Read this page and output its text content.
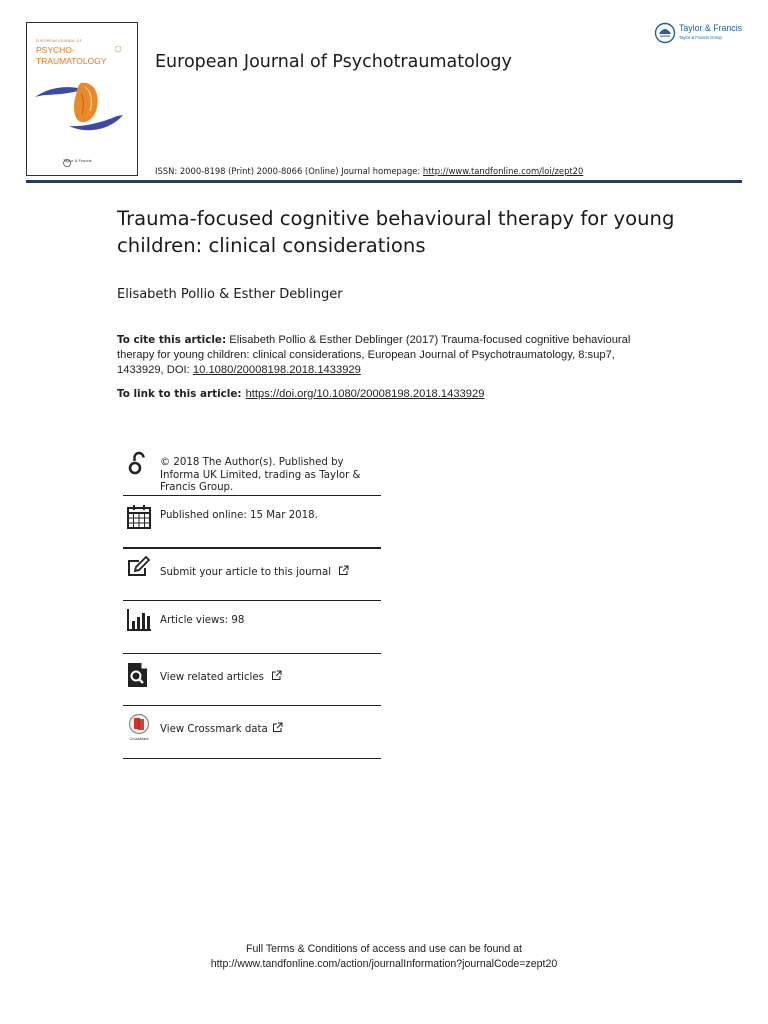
EUROPEAN JOURNAL OF
PSYCHO-
TRAUMATOLOGY
Taylor & Francis
European Journal of Psychotraumatology
ISSN: 2000-8198 (Print) 2000-8066 (Online) Journal homepage: http://www.tandfonline.com/loi/zept20
Taylor & Francis
Taylor & Francis Group
Trauma-focused cognitive behavioural therapy for young children: clinical considerations
Elisabeth Pollio & Esther Deblinger
To cite this article: Elisabeth Pollio & Esther Deblinger (2017) Trauma-focused cognitive behavioural therapy for young children: clinical considerations, European Journal of Psychotraumatology, 8:sup7, 1433929, DOI: 10.1080/20008198.2018.1433929
To link to this article: https://doi.org/10.1080/20008198.2018.1433929
© 2018 The Author(s). Published by Informa UK Limited, trading as Taylor & Francis Group.
Published online: 15 Mar 2018.
Submit your article to this journal
Article views: 98
View related articles
CrossMark
View Crossmark data
Full Terms & Conditions of access and use can be found at
http://www.tandfonline.com/action/journalInformation?journalCode=zept20
